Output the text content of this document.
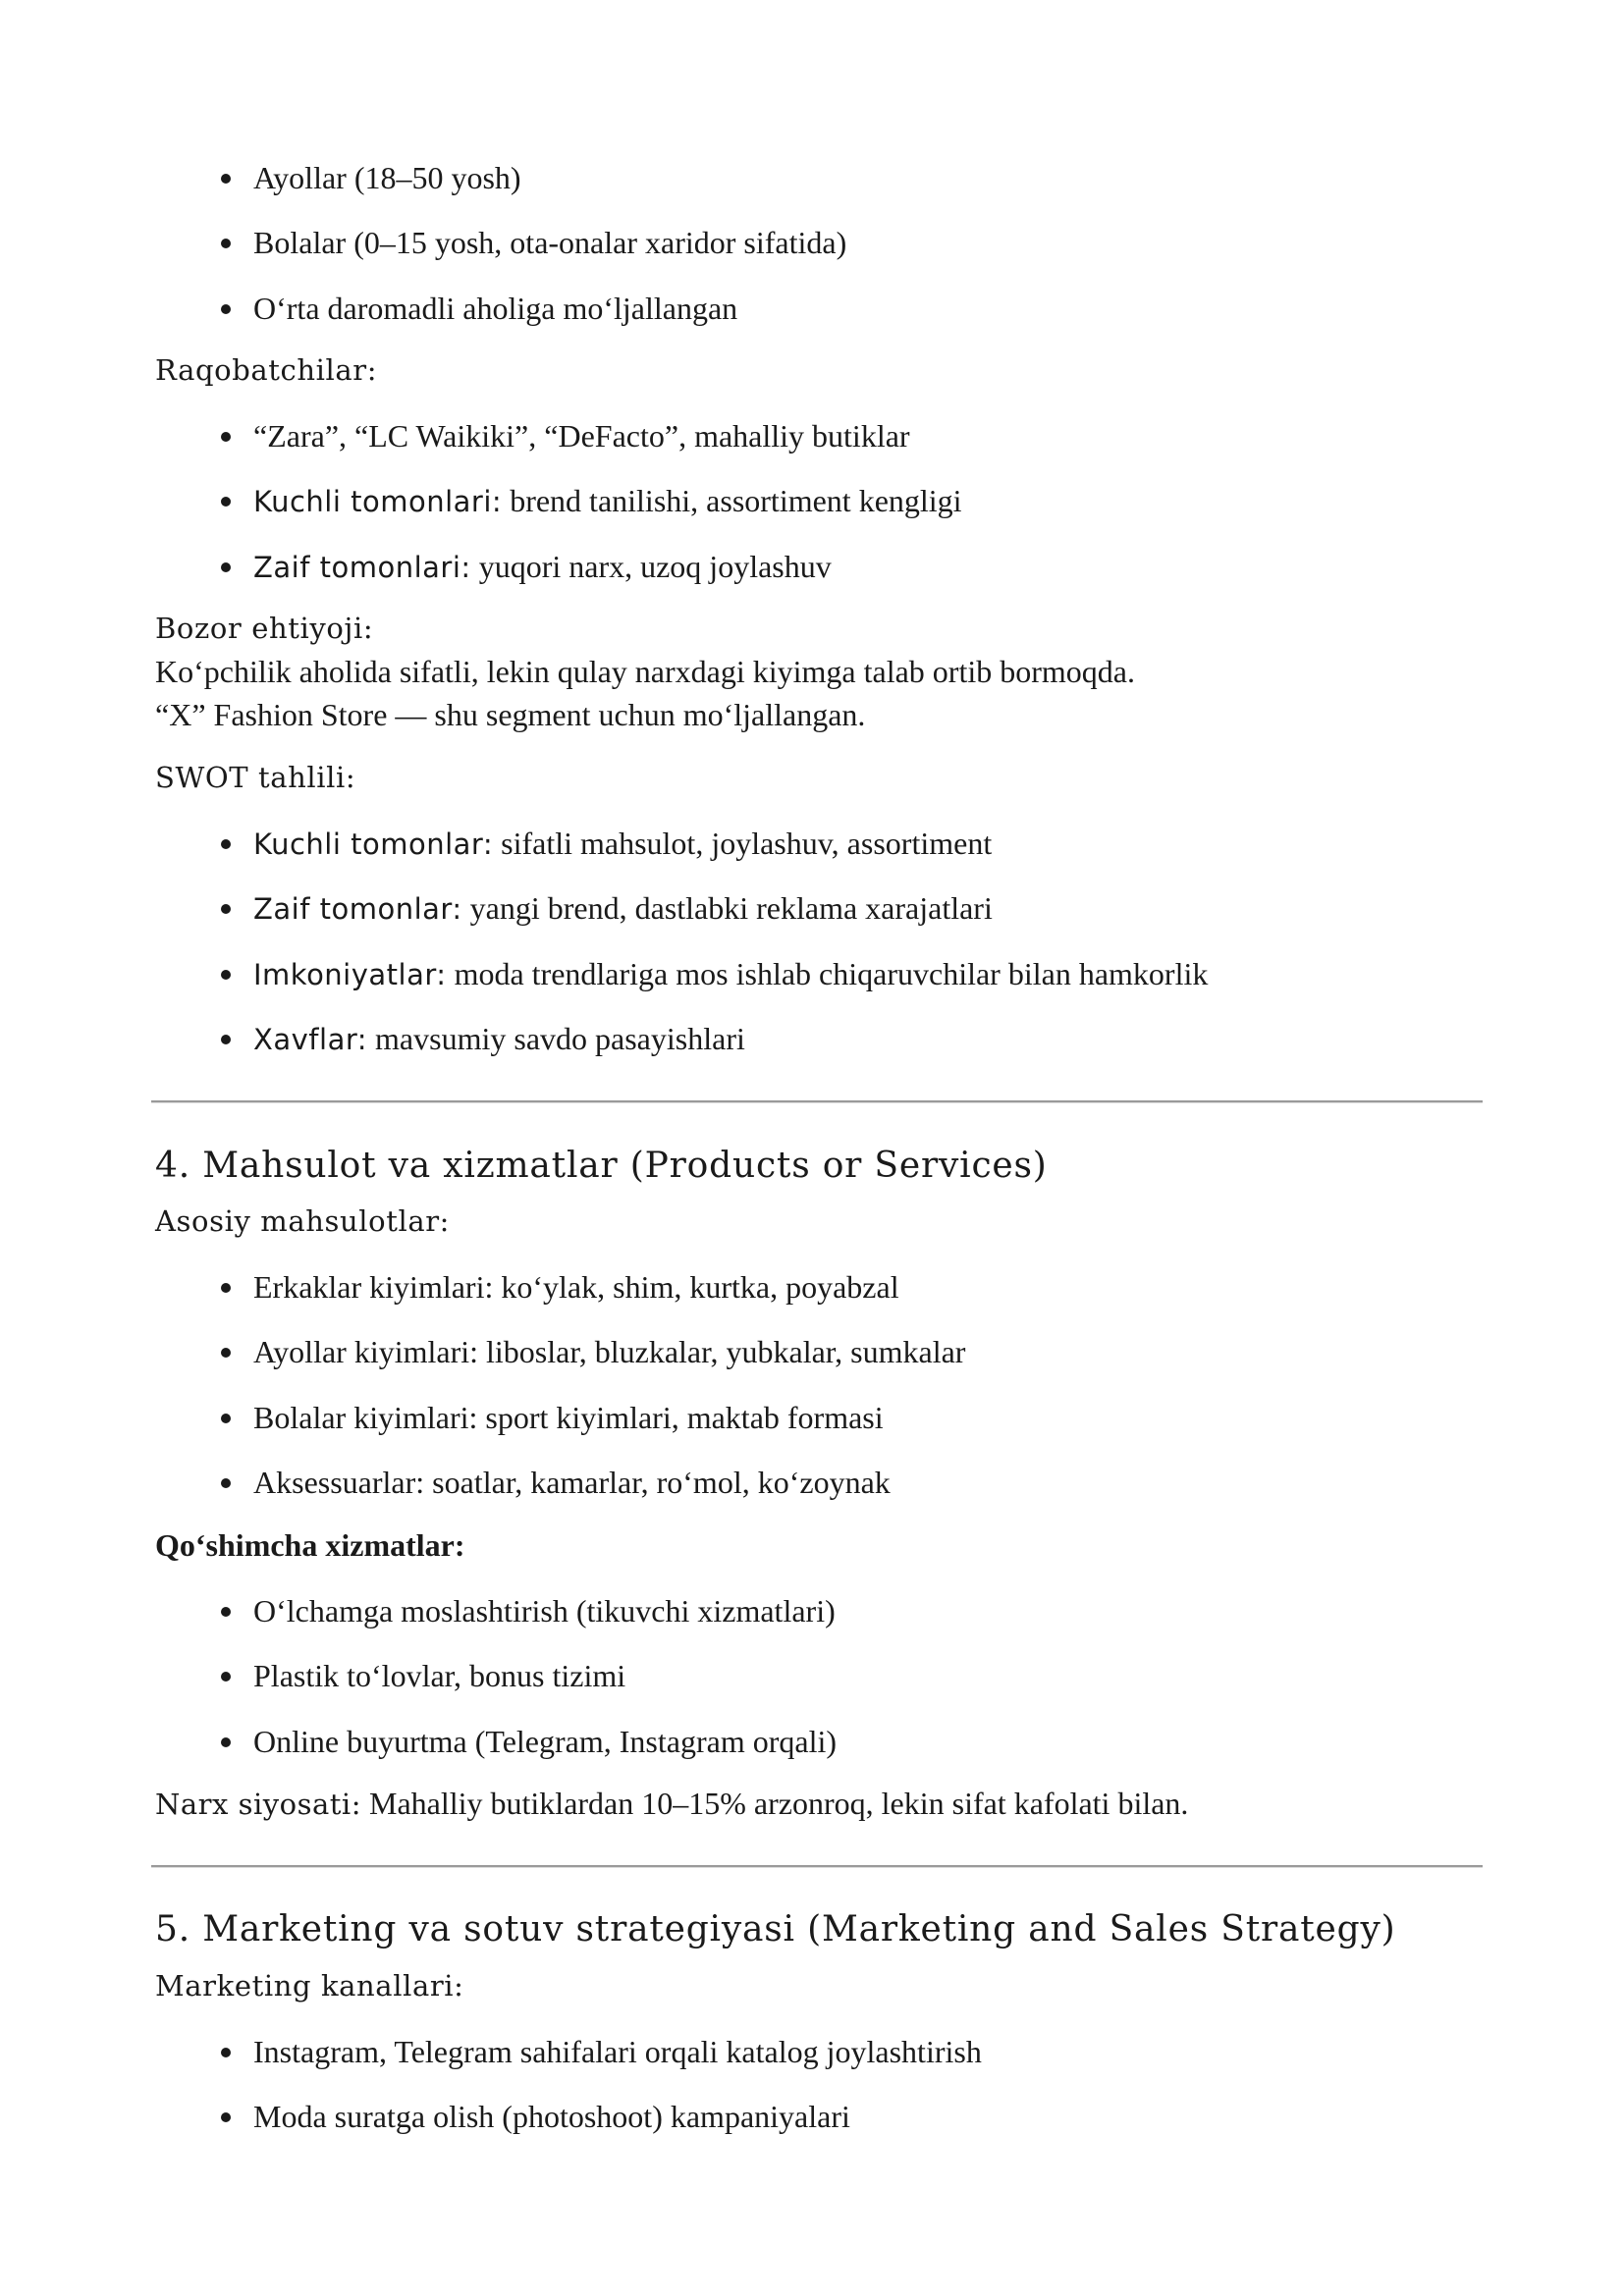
Ayollar (18–50 yosh)
Bolalar (0–15 yosh, ota-onalar xaridor sifatida)
O‘rta daromadli aholiga mo‘ljallangan
Raqobatchilar:
“Zara”, “LC Waikiki”, “DeFacto”, mahalliy butiklar
Kuchli tomonlari: brend tanilishi, assortiment kengligi
Zaif tomonlari: yuqori narx, uzoq joylashuv
Bozor ehtiyoji:
Ko‘pchilik aholida sifatli, lekin qulay narxdagi kiyimga talab ortib bormoqda.
“X” Fashion Store — shu segment uchun mo‘ljallangan.
SWOT tahlili:
Kuchli tomonlar: sifatli mahsulot, joylashuv, assortiment
Zaif tomonlar: yangi brend, dastlabki reklama xarajatlari
Imkoniyatlar: moda trendlariga mos ishlab chiqaruvchilar bilan hamkorlik
Xavflar: mavsumiy savdo pasayishlari
4. Mahsulot va xizmatlar (Products or Services)
Asosiy mahsulotlar:
Erkaklar kiyimlari: ko‘ylak, shim, kurtka, poyabzal
Ayollar kiyimlari: liboslar, bluzkalar, yubkalar, sumkalar
Bolalar kiyimlari: sport kiyimlari, maktab formasi
Aksessuarlar: soatlar, kamarlar, ro‘mol, ko‘zoynak
Qo‘shimcha xizmatlar:
O‘lchamga moslashtirish (tikuvchi xizmatlari)
Plastik to‘lovlar, bonus tizimi
Online buyurtma (Telegram, Instagram orqali)
Narx siyosati: Mahalliy butiklardan 10–15% arzonroq, lekin sifat kafolati bilan.
5. Marketing va sotuv strategiyasi (Marketing and Sales Strategy)
Marketing kanallari:
Instagram, Telegram sahifalari orqali katalog joylashtirish
Moda suratga olish (photoshoot) kampaniyalari
